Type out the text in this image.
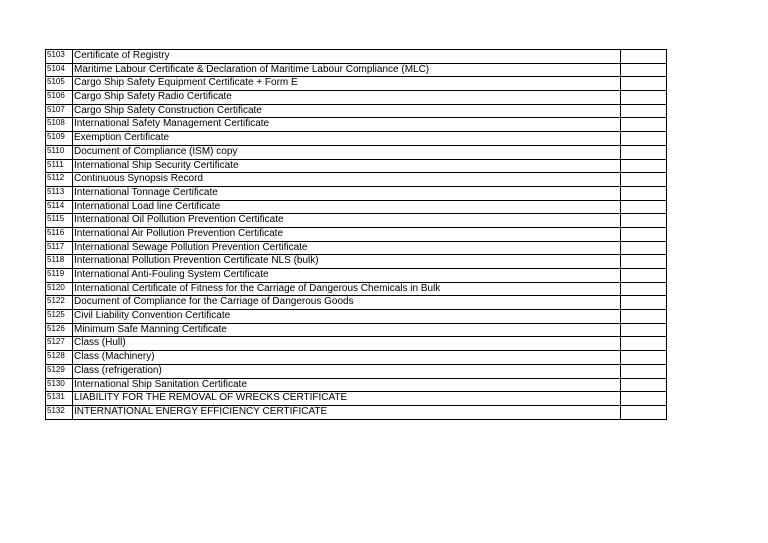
5103	Certificate of Registry	
5104	Maritime Labour Certificate & Declaration of Maritime Labour Compliance (MLC)	
5105	Cargo Ship Safety Equipment Certificate + Form E	
5106	Cargo Ship Safety Radio Certificate	
5107	Cargo Ship Safety Construction Certificate	
5108	International Safety Management Certificate	
5109	Exemption Certificate	
5110	Document of Compliance (ISM) copy	
5111	International Ship Security Certificate	
5112	Continuous Synopsis Record	
5113	International Tonnage Certificate	
5114	International Load line Certificate	
5115	International Oil Pollution Prevention Certificate	
5116	International Air Pollution Prevention Certificate	
5117	International Sewage Pollution Prevention Certificate	
5118	International Pollution Prevention Certificate NLS (bulk)	
5119	International Anti-Fouling System Certificate	
5120	International Certificate of Fitness for the Carriage of Dangerous Chemicals in Bulk	
5122	Document of Compliance for the Carriage of Dangerous Goods	
5125	Civil Liability Convention Certificate	
5126	Minimum Safe Manning Certificate	
5127	Class (Hull)	
5128	Class (Machinery)	
5129	Class (refrigeration)	
5130	International Ship Sanitation Certificate	
5131	LIABILITY FOR THE REMOVAL OF WRECKS CERTIFICATE	
5132	INTERNATIONAL ENERGY EFFICIENCY CERTIFICATE	
